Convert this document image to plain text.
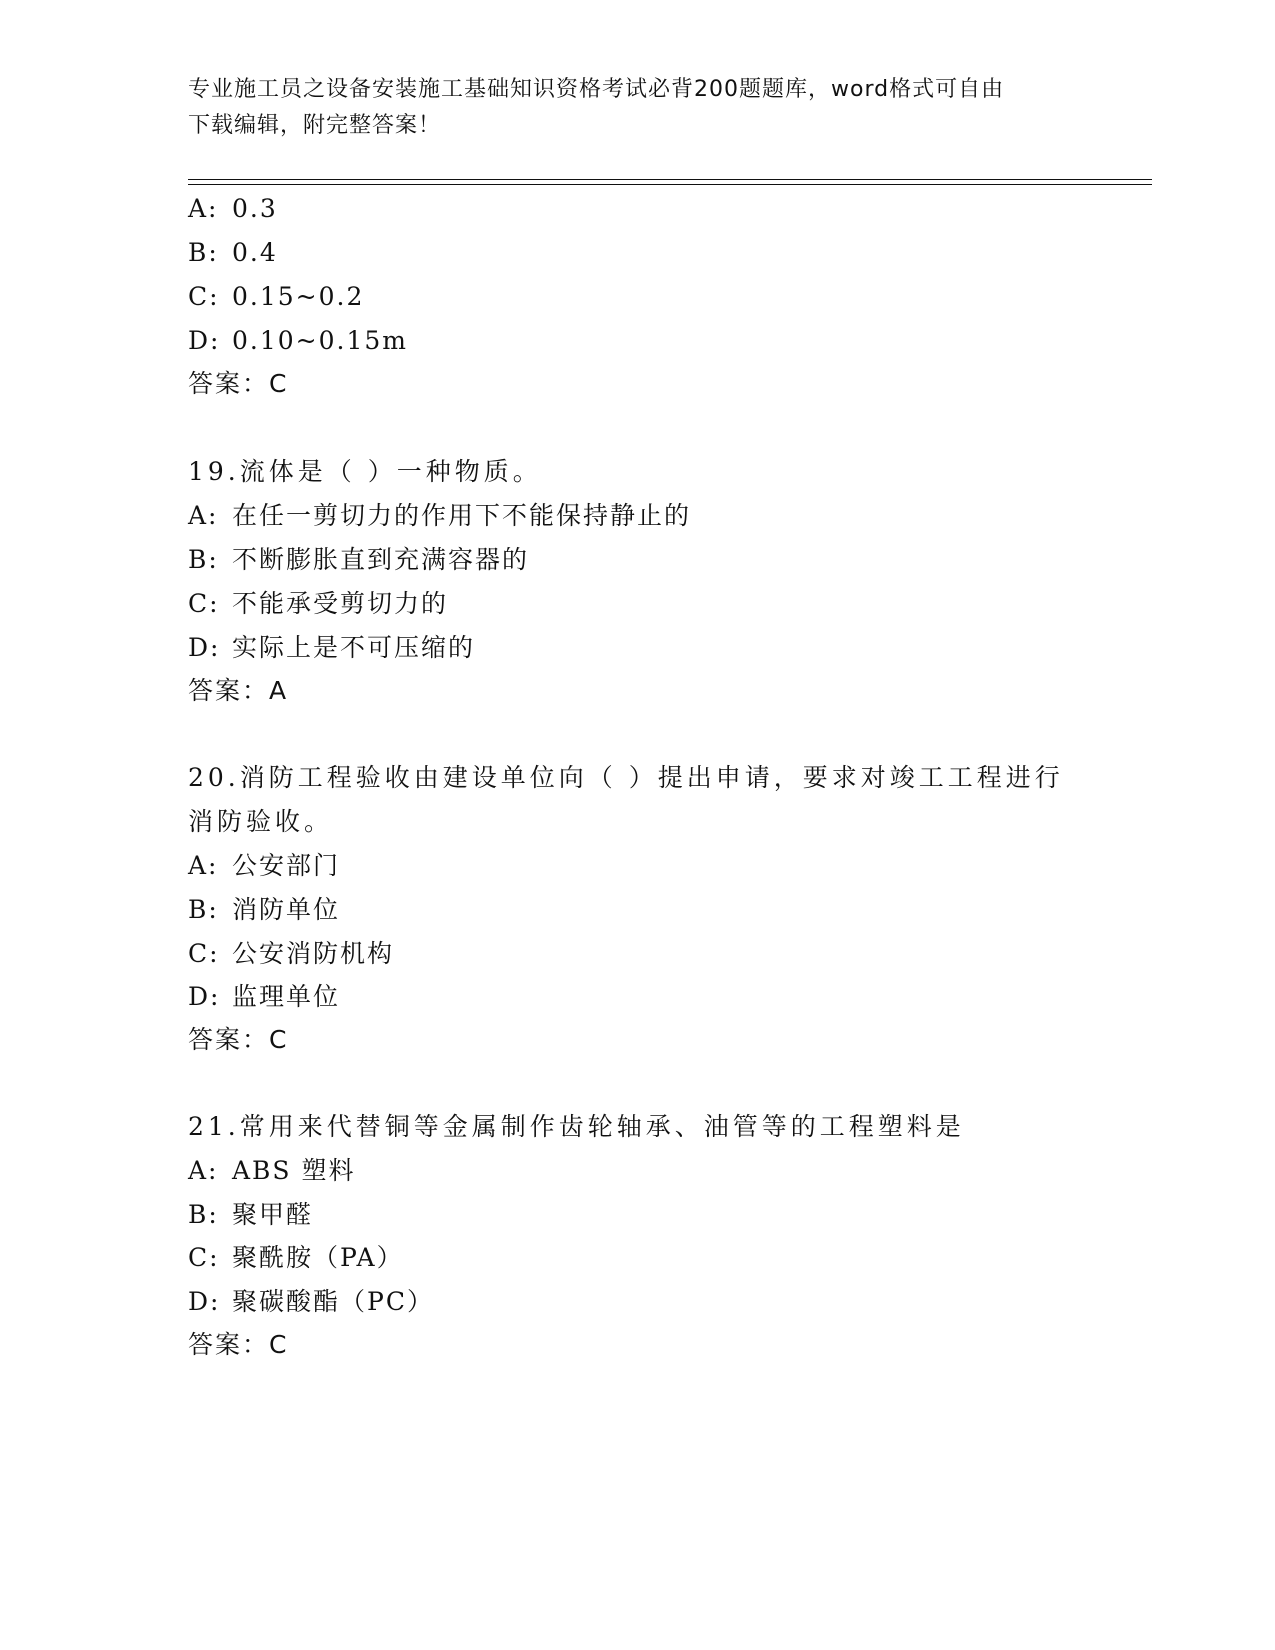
专业施工员之设备安装施工基础知识资格考试必背200题题库，word格式可自由
下载编辑，附完整答案！
A: 0.3
B: 0.4
C: 0.15~0.2
D: 0.10~0.15m
答案：C
19.流体是（ ）一种物质。
A: 在任一剪切力的作用下不能保持静止的
B: 不断膨胀直到充满容器的
C: 不能承受剪切力的
D: 实际上是不可压缩的
答案：A
20.消防工程验收由建设单位向（ ）提出申请，要求对竣工工程进行
消防验收。
A: 公安部门
B: 消防单位
C: 公安消防机构
D: 监理单位
答案：C
21.常用来代替铜等金属制作齿轮轴承、油管等的工程塑料是
A: ABS 塑料
B: 聚甲醛
C: 聚酰胺（PA）
D: 聚碳酸酯（PC）
答案：C
